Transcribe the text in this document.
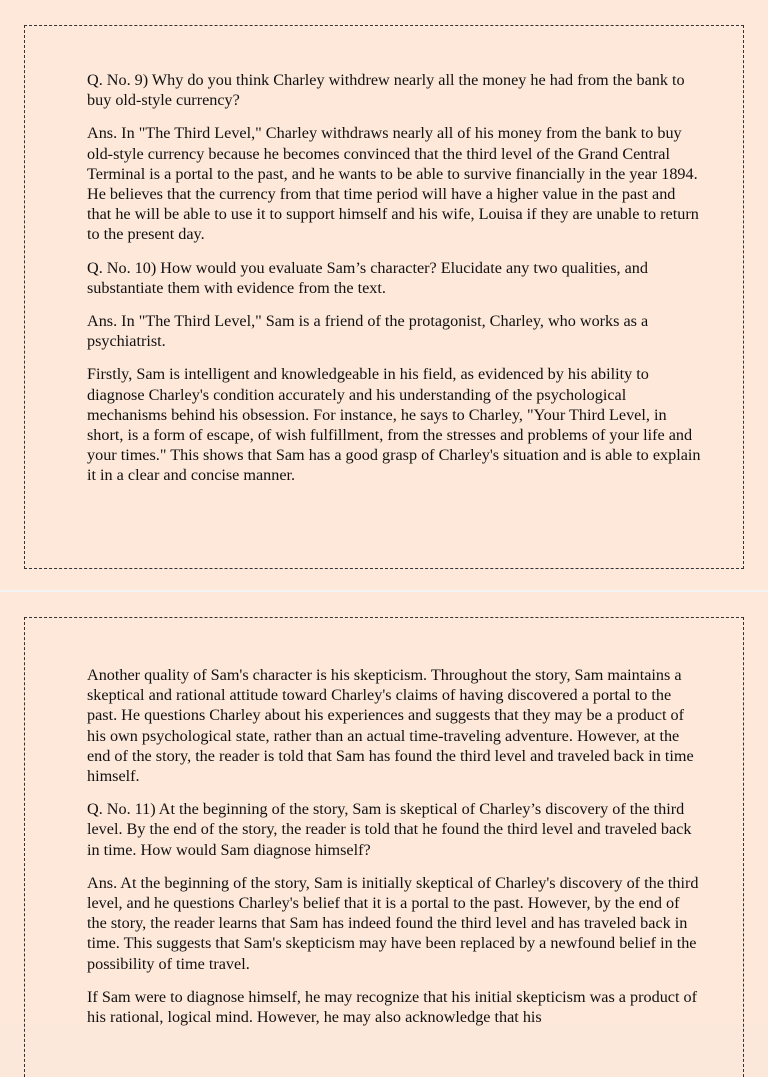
Q. No. 9) Why do you think Charley withdrew nearly all the money he had from the bank to buy old-style currency?

Ans. In "The Third Level," Charley withdraws nearly all of his money from the bank to buy old-style currency because he becomes convinced that the third level of the Grand Central Terminal is a portal to the past, and he wants to be able to survive financially in the year 1894. He believes that the currency from that time period will have a higher value in the past and that he will be able to use it to support himself and his wife, Louisa if they are unable to return to the present day.

Q. No. 10) How would you evaluate Sam’s character? Elucidate any two qualities, and substantiate them with evidence from the text.

Ans. In "The Third Level," Sam is a friend of the protagonist, Charley, who works as a psychiatrist.

Firstly, Sam is intelligent and knowledgeable in his field, as evidenced by his ability to diagnose Charley's condition accurately and his understanding of the psychological mechanisms behind his obsession. For instance, he says to Charley, "Your Third Level, in short, is a form of escape, of wish fulfillment, from the stresses and problems of your life and your times." This shows that Sam has a good grasp of Charley's situation and is able to explain it in a clear and concise manner.

Another quality of Sam's character is his skepticism. Throughout the story, Sam maintains a skeptical and rational attitude toward Charley's claims of having discovered a portal to the past. He questions Charley about his experiences and suggests that they may be a product of his own psychological state, rather than an actual time-traveling adventure. However, at the end of the story, the reader is told that Sam has found the third level and traveled back in time himself.

Q. No. 11) At the beginning of the story, Sam is skeptical of Charley’s discovery of the third level. By the end of the story, the reader is told that he found the third level and traveled back in time. How would Sam diagnose himself?

Ans. At the beginning of the story, Sam is initially skeptical of Charley's discovery of the third level, and he questions Charley's belief that it is a portal to the past. However, by the end of the story, the reader learns that Sam has indeed found the third level and has traveled back in time. This suggests that Sam's skepticism may have been replaced by a newfound belief in the possibility of time travel.

If Sam were to diagnose himself, he may recognize that his initial skepticism was a product of his rational, logical mind. However, he may also acknowledge that his
